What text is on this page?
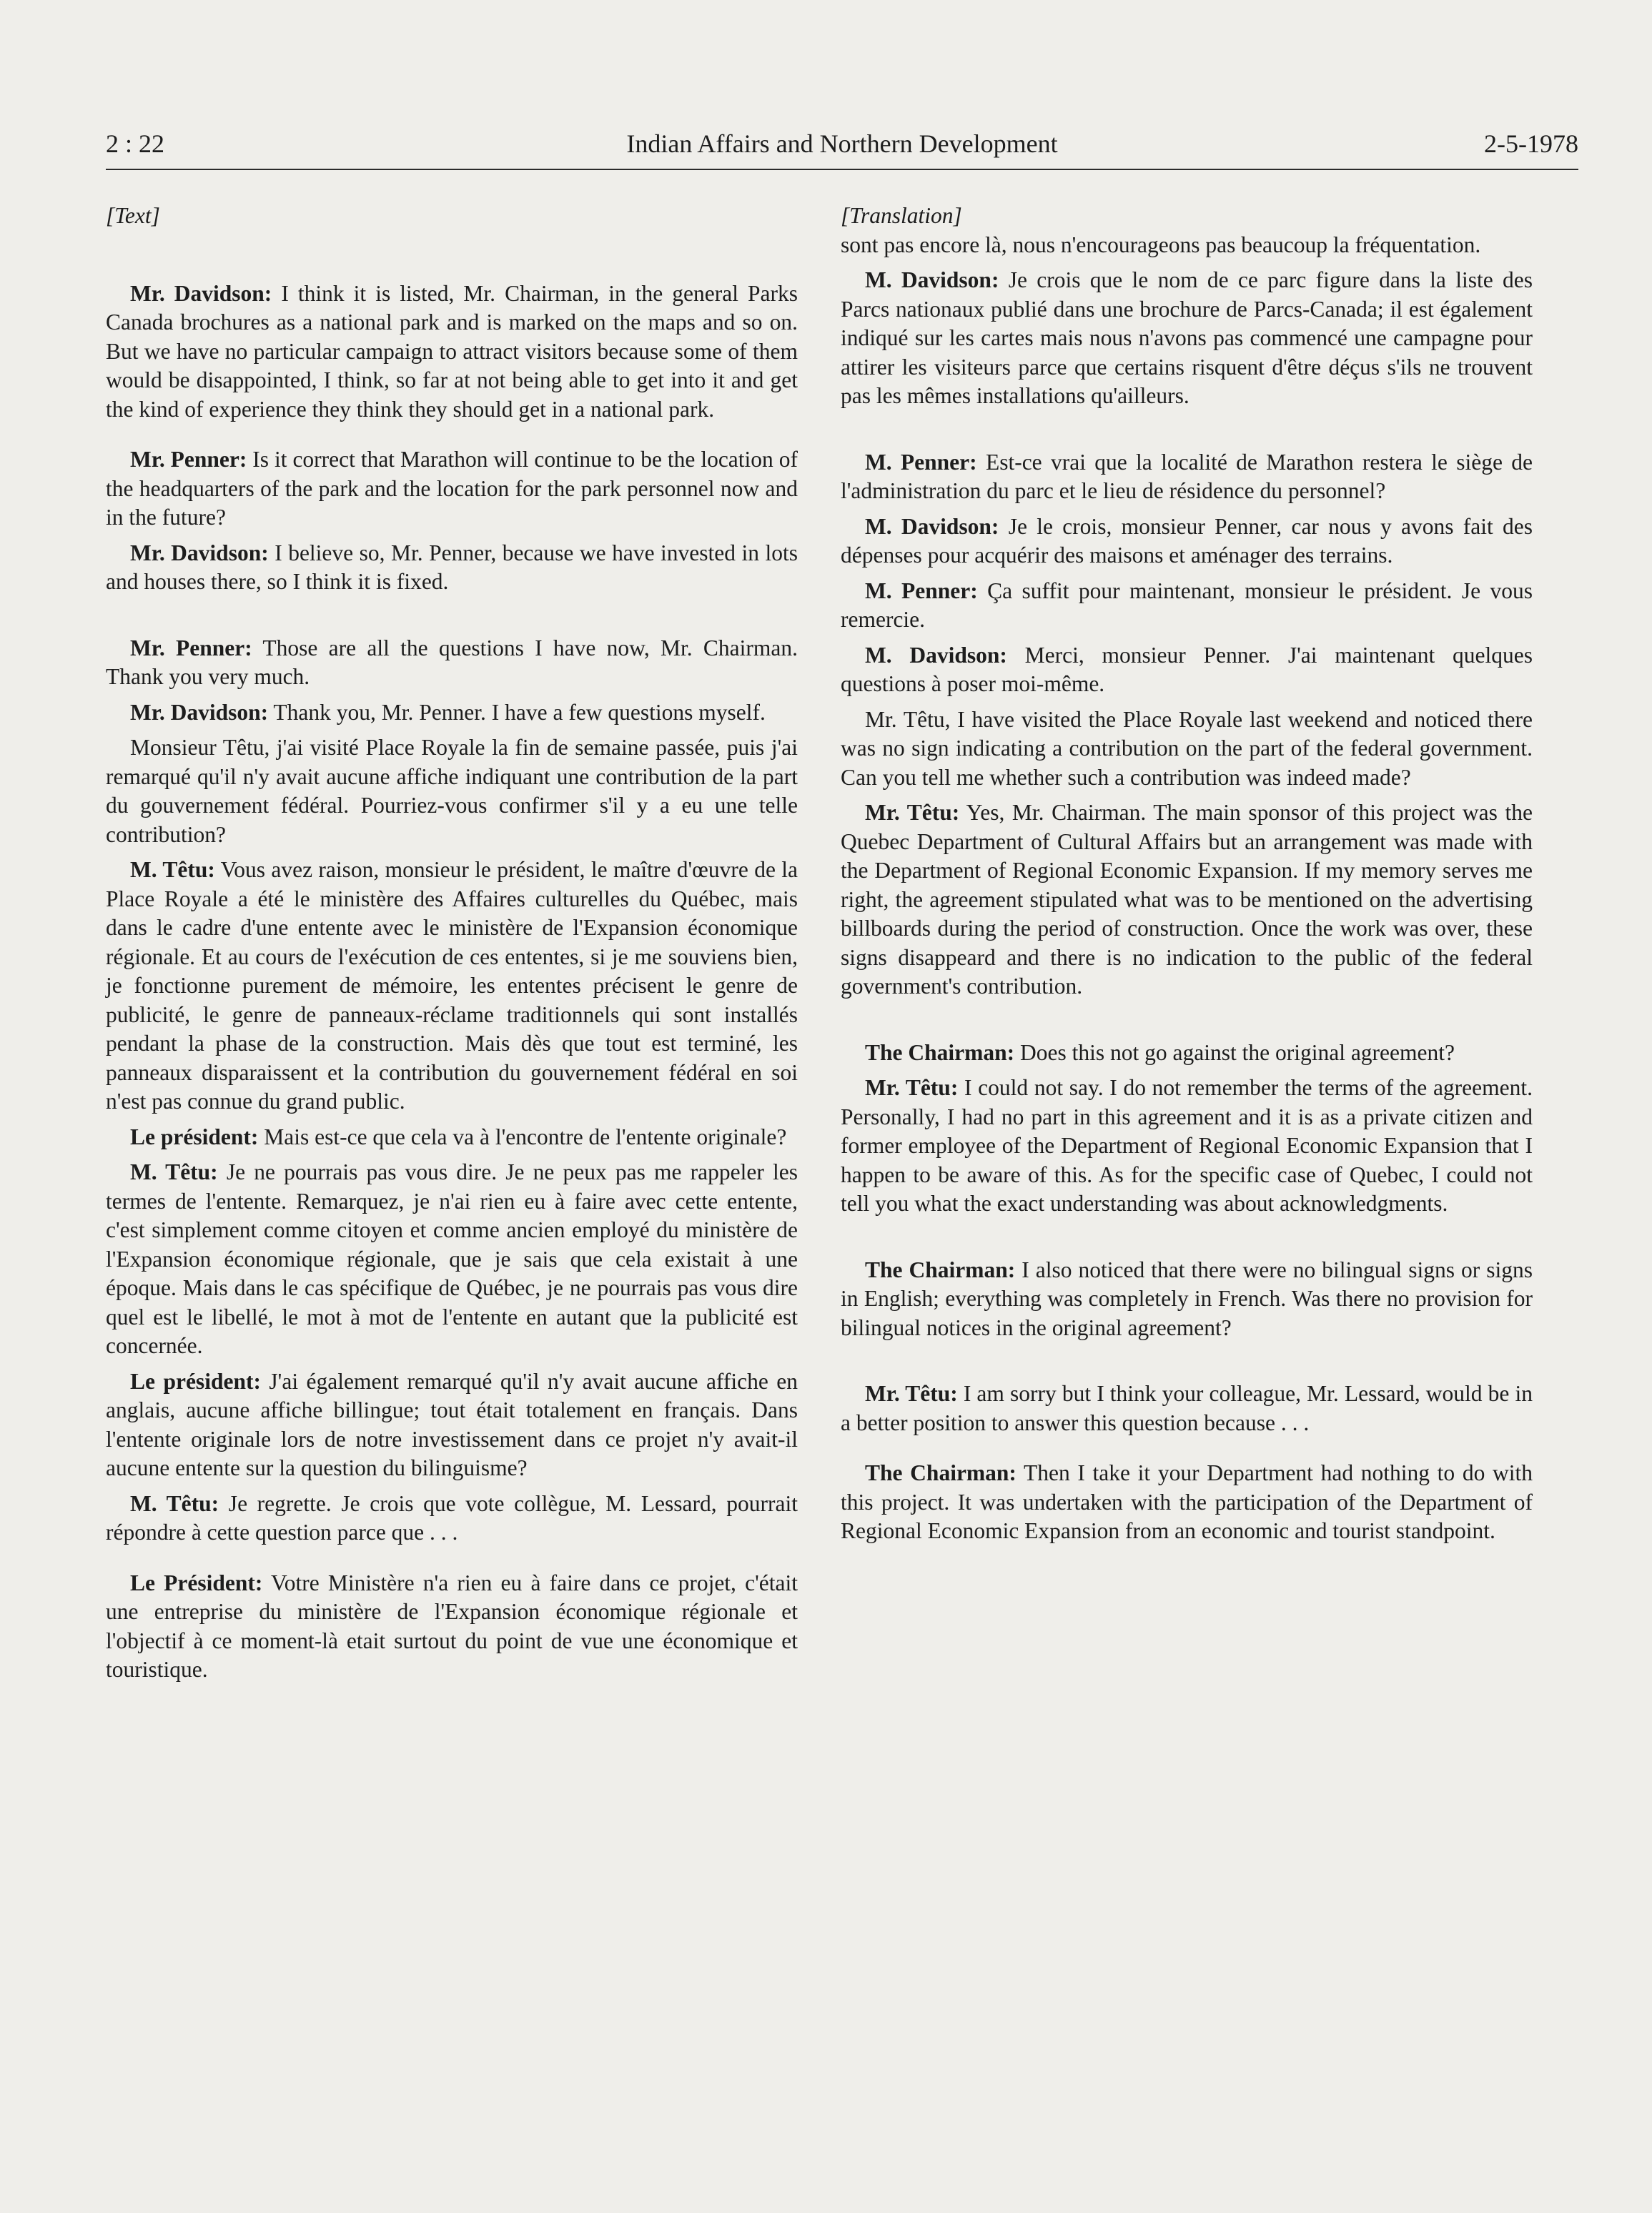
2 : 22	Indian Affairs and Northern Development	2-5-1978
[Text]

Mr. Davidson: I think it is listed, Mr. Chairman, in the general Parks Canada brochures as a national park and is marked on the maps and so on. But we have no particular campaign to attract visitors because some of them would be disappointed, I think, so far at not being able to get into it and get the kind of experience they think they should get in a national park.

Mr. Penner: Is it correct that Marathon will continue to be the location of the headquarters of the park and the location for the park personnel now and in the future?

Mr. Davidson: I believe so, Mr. Penner, because we have invested in lots and houses there, so I think it is fixed.

Mr. Penner: Those are all the questions I have now, Mr. Chairman. Thank you very much.

Mr. Davidson: Thank you, Mr. Penner. I have a few questions myself.

Monsieur Têtu, j'ai visité Place Royale la fin de semaine passée, puis j'ai remarqué qu'il n'y avait aucune affiche indiquant une contribution de la part du gouvernement fédéral. Pourriez-vous confirmer s'il y a eu une telle contribution?

M. Têtu: Vous avez raison, monsieur le président, le maître d'œuvre de la Place Royale a été le ministère des Affaires culturelles du Québec, mais dans le cadre d'une entente avec le ministère de l'Expansion économique régionale. Et au cours de l'exécution de ces ententes, si je me souviens bien, je fonctionne purement de mémoire, les ententes précisent le genre de publicité, le genre de panneaux-réclame traditionnels qui sont installés pendant la phase de la construction. Mais dès que tout est terminé, les panneaux disparaissent et la contribution du gouvernement fédéral en soi n'est pas connue du grand public.

Le président: Mais est-ce que cela va à l'encontre de l'entente originale?

M. Têtu: Je ne pourrais pas vous dire. Je ne peux pas me rappeler les termes de l'entente. Remarquez, je n'ai rien eu à faire avec cette entente, c'est simplement comme citoyen et comme ancien employé du ministère de l'Expansion économique régionale, que je sais que cela existait à une époque. Mais dans le cas spécifique de Québec, je ne pourrais pas vous dire quel est le libellé, le mot à mot de l'entente en autant que la publicité est concernée.

Le président: J'ai également remarqué qu'il n'y avait aucune affiche en anglais, aucune affiche billingue; tout était totalement en français. Dans l'entente originale lors de notre investissement dans ce projet n'y avait-il aucune entente sur la question du bilinguisme?

M. Têtu: Je regrette. Je crois que vote collègue, M. Lessard, pourrait répondre à cette question parce que . . .

Le Président: Votre Ministère n'a rien eu à faire dans ce projet, c'était une entreprise du ministère de l'Expansion économique régionale et l'objectif à ce moment-là etait surtout du point de vue une économique et touristique.

[Translation]

sont pas encore là, nous n'encourageons pas beaucoup la fréquentation.

M. Davidson: Je crois que le nom de ce parc figure dans la liste des Parcs nationaux publié dans une brochure de Parcs-Canada; il est également indiqué sur les cartes mais nous n'avons pas commencé une campagne pour attirer les visiteurs parce que certains risquent d'être déçus s'ils ne trouvent pas les mêmes installations qu'ailleurs.

M. Penner: Est-ce vrai que la localité de Marathon restera le siège de l'administration du parc et le lieu de résidence du personnel?

M. Davidson: Je le crois, monsieur Penner, car nous y avons fait des dépenses pour acquérir des maisons et aménager des terrains.

M. Penner: Ça suffit pour maintenant, monsieur le président. Je vous remercie.

M. Davidson: Merci, monsieur Penner. J'ai maintenant quelques questions à poser moi-même.

Mr. Têtu, I have visited the Place Royale last weekend and noticed there was no sign indicating a contribution on the part of the federal government. Can you tell me whether such a contribution was indeed made?

Mr. Têtu: Yes, Mr. Chairman. The main sponsor of this project was the Quebec Department of Cultural Affairs but an arrangement was made with the Department of Regional Economic Expansion. If my memory serves me right, the agreement stipulated what was to be mentioned on the advertising billboards during the period of construction. Once the work was over, these signs disappeard and there is no indication to the public of the federal government's contribution.

The Chairman: Does this not go against the original agreement?

Mr. Têtu: I could not say. I do not remember the terms of the agreement. Personally, I had no part in this agreement and it is as a private citizen and former employee of the Department of Regional Economic Expansion that I happen to be aware of this. As for the specific case of Quebec, I could not tell you what the exact understanding was about acknowledgments.

The Chairman: I also noticed that there were no bilingual signs or signs in English; everything was completely in French. Was there no provision for bilingual notices in the original agreement?

Mr. Têtu: I am sorry but I think your colleague, Mr. Lessard, would be in a better position to answer this question because . . .

The Chairman: Then I take it your Department had nothing to do with this project. It was undertaken with the participation of the Department of Regional Economic Expansion from an economic and tourist standpoint.
